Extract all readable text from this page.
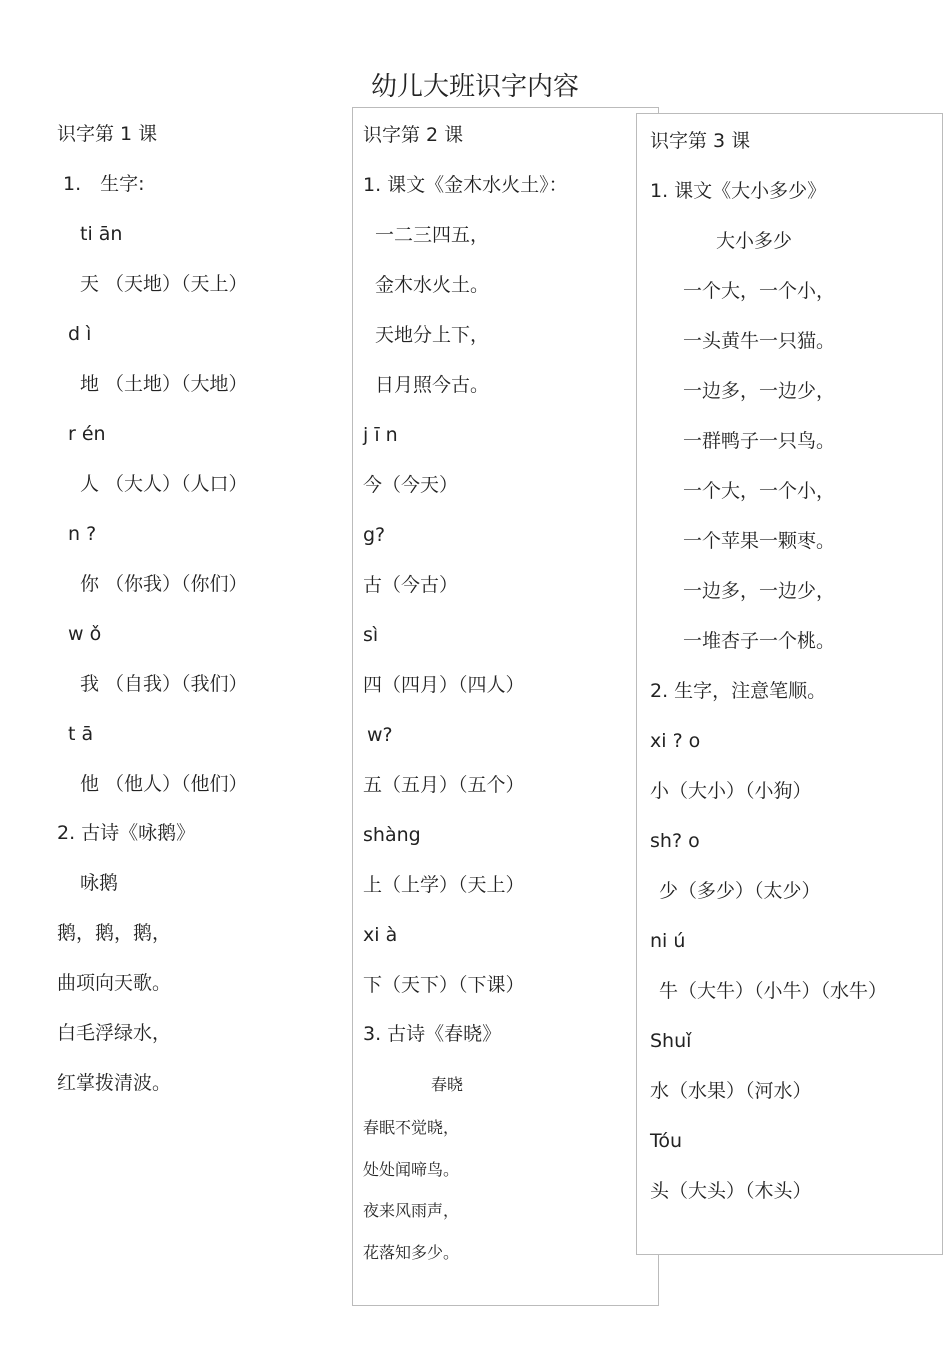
幼儿大班识字内容
识字第 1 课
1.　生字:
ti ān
天 （天地）（天上）
d ì
地 （土地）（大地）
r én
人 （大人）（人口）
n ?
你 （你我）（你们）
w ǒ
我 （自我）（我们）
t ā
他 （他人）（他们）
2. 古诗《咏鹅》
咏鹅
鹅，鹅，鹅，
曲项向天歌。
白毛浮绿水，
红掌拨清波。
识字第 2 课
1. 课文《金木水火土》：
一二三四五，
金木水火土。
天地分上下，
日月照今古。
j ī n
今（今天）
g?
古（今古）
sì
四（四月）（四人）
w?
五（五月）（五个）
shàng
上（上学）（天上）
xi à
下（天下）（下课）
3. 古诗《春晓》
春晓
春眠不觉晓，
处处闻啼鸟。
夜来风雨声，
花落知多少。
识字第 3 课
1. 课文《大小多少》
大小多少
一个大，一个小，
一头黄牛一只猫。
一边多，一边少，
一群鸭子一只鸟。
一个大，一个小，
一个苹果一颗枣。
一边多，一边少，
一堆杏子一个桃。
2. 生字，注意笔顺。
xi ? o
小（大小）（小狗）
sh? o
少（多少）（太少）
ni ú
牛（大牛）（小牛）（水牛）
Shuǐ
水（水果）（河水）
Tóu
头（大头）（木头）
